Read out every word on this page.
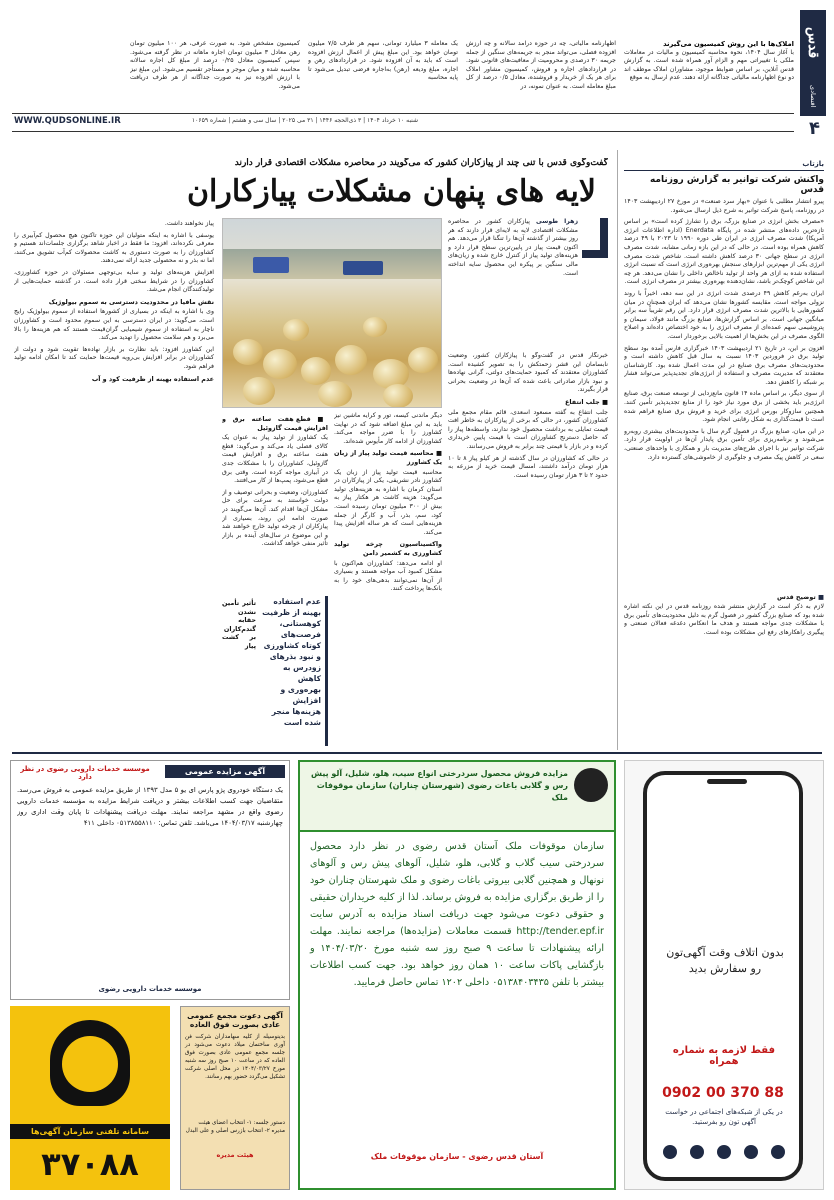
قدس
اقتصادی
۴
املاک‌ها با این روش کمیسیون می‌گیرند
با آغاز سال ۱۴۰۴، نحوه محاسبه کمیسیون و مالیات در معاملات ملکی با تغییراتی مهم و الزام آور همراه شده است. به گزارش قدس آنلاین، بر اساس ضوابط موجود، مشاوران املاک موظف اند دو نوع اظهارنامه مالیاتی جداگانه ارائه دهند. عدم ارسال به موقع
اظهارنامه مالیاتی، چه در حوزه درآمد سالانه و چه ارزش افزوده فصلی، می‌تواند منجر به جریمه‌های سنگین از جمله جریمه ۳۰ درصدی و محرومیت از معافیت‌های قانونی شود. در قراردادهای اجاره و فروش، کمیسیون مشاور املاک برای هر یک از خریدار و فروشنده، معادل ۰/۵ درصد از کل مبلغ معامله است. به عنوان نمونه، در
یک معامله ۳ میلیارد تومانی، سهم هر طرف ۷/۵ میلیون تومان خواهد بود. این مبلغ پیش از اعمال ارزش افزوده است که باید به آن افزوده شود. در قراردادهای رهن و اجاره، مبلغ ودیعه (رهن) به‌اجاره فرضی تبدیل می‌شود تا پایه محاسبه
کمیسیون مشخص شود. به صورت عرفی، هر ۱۰۰ میلیون تومان رهن معادل ۳ میلیون تومان اجاره ماهانه در نظر گرفته می‌شود. سپس کمیسیون معادل ۰/۲۵ درصد از مبلغ کل اجاره سالانه محاسبه شده و میان موجر و مستأجر تقسیم می‌شود. این مبلغ نیز با ارزش افزوده نیز به صورت جداگانه از هر طرف دریافت می‌شود.
WWW.QUDSONLINE.IR	شنبه ۱۰ خرداد ۱۴۰۴ | ۳ ذی‌الحجه ۱۴۴۶ | ۳۱ می ۲۰۲۵ | سال سی و هشتم | شماره ۱۰۶۵۹
بازتاب
واکنش شرکت توانیر به گزارش روزنامه قدس
پیرو انتشار مطلبی با عنوان «بهار سرد صنعت» در مورخ ۲۷ اردیبهشت ۱۴۰۳ در روزنامه، پاسخ شرکت توانیر به شرح ذیل ارسال می‌شود.

«مصرف‌ بخش‌ انرژی در صنایع بزرگ، برق را تشارژ کرده است» بر اساس تازه‌ترین داده‌های منتشر شده در پایگاه Enerdata (اداره اطلاعات انرژی آمریکا) شدت مصرف انرژی در ایران طی دوره ۱۹۹۰ تا ۲۰۲۳ با ۴۹ درصد کاهش همراه بوده است. در حالی که در این بازه زمانی مشابه، شدت مصرف انرژی در سطح جهانی ۳۰ درصد کاهش داشته است. شاخص شدت مصرف انرژی یکی از مهم‌ترین ابزارهای سنجش بهره‌وری انرژی است که نسبت انرژی استفاده شده به ازای هر واحد از تولید ناخالص داخلی را نشان می‌دهد. هر چه این شاخص کوچک‌تر باشد، نشان‌دهنده بهره‌وری بیشتر در مصرف انرژی است.

ایران به‌رغم کاهش ۴۹ درصدی شدت انرژی در این سه دهه، اخیراً با روند نزولی مواجه است. مقایسه کشورها نشان می‌دهد که ایران همچنان در میان کشورهایی با بالاترین شدت مصرف انرژی قرار دارد. این رقم تقریباً سه برابر میانگین جهانی است. بر اساس گزارش‌ها، صنایع بزرگ مانند فولاد، سیمان و پتروشیمی سهم عمده‌ای از مصرف انرژی را به خود اختصاص داده‌اند و اصلاح الگوی مصرف در این بخش‌ها از اهمیت بالایی برخوردار است.

افزون بر این، در تاریخ ۲۱ اردیبهشت ۱۴۰۳ خبرگزاری فارس آمده بود سطح تولید برق در فروردین ۱۴۰۳ نسبت به سال قبل کاهش داشته است و محدودیت‌های مصرف برق صنایع در این مدت اعمال شده بود. کارشناسان معتقدند که مدیریت مصرف و استفاده از انرژی‌های تجدیدپذیر می‌تواند فشار بر شبکه را کاهش دهد.

از سوی دیگر، بر اساس ماده ۱۴ قانون مانع‌زدایی از توسعه صنعت برق، صنایع انرژی‌بر باید بخشی از برق مورد نیاز خود را از منابع تجدیدپذیر تأمین کنند. همچنین سازوکار بورس انرژی برای خرید و فروش برق صنایع فراهم شده است تا قیمت‌گذاری به شکل رقابتی انجام شود.

در این میان، صنایع بزرگ در فصول گرم سال با محدودیت‌های بیشتری روبه‌رو می‌شوند و برنامه‌ریزی برای تأمین برق پایدار آن‌ها در اولویت قرار دارد. شرکت توانیر نیز با اجرای طرح‌های مدیریت بار و همکاری با واحدهای صنعتی، سعی در کاهش پیک مصرف و جلوگیری از خاموشی‌های گسترده دارد.

■ توضیح قدس
لازم به ذکر است در گزارش منتشر شده روزنامه قدس در این نکته اشاره شده بود که صنایع بزرگ کشور در فصول گرم به دلیل محدودیت‌های تأمین برق با مشکلات جدی مواجه هستند و هدف ما انعکاس دغدغه فعالان صنعتی و پیگیری راهکارهای رفع این مشکلات بوده است.
گفت‌وگوی قدس با تنی چند از پیازکاران کشور که می‌گویند در محاصره مشکلات اقتصادی قرار دارند
لایه های پنهان مشکلات پیازکاران
زهرا طوسی پیازکاران کشور در محاصره مشکلات اقتصادی لایه به لایه‌ای قرار دارند که هر روز بیشتر از گذشته آن‌ها را تنگنا قرار می‌دهد. هم اکنون قیمت پیاز در پایین‌ترین سطح قرار دارد و هزینه‌های تولید پیاز از کنترل خارج شده و زیان‌های مالی سنگین بر پیکره این محصول سایه انداخته است.

خبرنگار قدس در گفت‌وگو با پیازکاران کشور، وضعیت نابسامان این قشر زحمتکش را به تصویر کشیده است. کشاورزان معتقدند که کمبود حمایت‌های دولتی، گرانی نهاده‌ها و نبود بازار صادراتی باعث شده که آن‌ها در وضعیت بحرانی قرار بگیرند.

■ جلب انتفاع

جلب انتفاع به گفته مسعود اسعدی، قائم مقام مجمع ملی کشاورزان کشور، در حالی که برخی از پیازکاران به خاطر افت قیمت تمایلی به برداشت محصول خود ندارند، واسطه‌ها پیاز را که حاصل دسترنج کشاورزان است با قیمت پایین خریداری کرده و در بازار با قیمتی چند برابر به فروش می‌رسانند.

در حالی که کشاورزان در سال گذشته از هر کیلو پیاز ۸ تا ۱۰ هزار تومان درآمد داشتند، امسال قیمت خرید از مزرعه به حدود ۲ تا ۳ هزار تومان رسیده است.

دیگر ماندنی کیسه، تور و کرایه ماشین نیز باید به این مبلغ اضافه شود که در نهایت کشاورز را با ضرر مواجه می‌کند. کشاورزان از ادامه کار مأیوس شده‌اند.

■ محاسبه قیمت تولید پیاز از زبان یک کشاورز

محاسبه قیمت تولید پیاز از زبان یک کشاورز نادر نشریفی، یکی از پیازکاران در استان کرمان با اشاره به هزینه‌های تولید می‌گوید: هزینه کاشت هر هکتار پیاز به بیش از ۳۰۰ میلیون تومان رسیده است. کود، سم، بذر، آب و کارگر از جمله هزینه‌هایی است که هر ساله افزایش پیدا می‌کند.

واکسیناسیون چرخه تولید کشاورزی به کشمیر دامن

او ادامه می‌دهد: کشاورزان هم‌اکنون با مشکل کمبود آب مواجه هستند و بسیاری از آن‌ها نمی‌توانند بدهی‌های خود را به بانک‌ها پرداخت کنند.

عدم استفاده بهینه از ظرفیت کوهستانی، فرصت‌های کوتاه کشاورزی و نبود بذرهای زودرس به کاهش بهره‌وری و افزایش هزینه‌ها منجر شده است
■ قطع هفت ساعته برق و افزایش قیمت گازوئیل

یک کشاورز از تولید پیاز به عنوان یک کالای فصلی یاد می‌کند و می‌گوید: قطع هفت ساعته برق و افزایش قیمت گازوئیل، کشاورزان را با مشکلات جدی در آبیاری مواجه کرده است. وقتی برق قطع می‌شود، پمپ‌ها از کار می‌افتند.

کشاورزان، وضعیت و بحرانی توصیف و از دولت خواستند به سرعت برای حل مشکل آن‌ها اقدام کند. آن‌ها می‌گویند در صورت ادامه این روند، بسیاری از پیازکاران از چرخه تولید خارج خواهند شد و این موضوع در سال‌های آینده بر بازار تأثیر منفی خواهد گذاشت.

تأثیر تأمین نشدن حقابه گندم‌کاران بر کشت پیاز

پیاز نخواهند داشت.

یوسفی با اشاره به اینکه متولیان این حوزه تاکنون هیچ محصول کم‌آبیری را معرفی نکرده‌اند، افزود: ما فقط در اخبار شاهد برگزاری جلسات‌اند هستیم و کشاورزان را به صورت دستوری به کاشت محصولات کم‌آب تشویق می‌کنند، اما نه بذر و نه محصولی جدید ارائه نمی‌دهند.

افزایش هزینه‌های تولید و سایه بی‌توجهی مسئولان در حوزه کشاورزی، کشاورزان را در شرایط سختی قرار داده است. در گذشته حمایت‌هایی از تولیدکنندگان انجام می‌شد.

نقش مافیا در محدودیت دسترسی به سموم بیولوژیک

وی با اشاره به اینکه در بسیاری از کشورها استفاده از سموم بیولوژیک رایج است، می‌گوید: در ایران دسترسی به این سموم محدود است و کشاورزان ناچار به استفاده از سموم شیمیایی گران‌قیمت هستند که هم هزینه‌ها را بالا می‌برد و هم سلامت محصول را تهدید می‌کند.

این کشاورز افزود: باید نظارت بر بازار نهاده‌ها تقویت شود و دولت از کشاورزان در برابر افزایش بی‌رویه قیمت‌ها حمایت کند تا امکان ادامه تولید فراهم شود.

عدم استفاده بهینه از ظرفیت کود و آب
بدون اتلاف وقت آگهی‌تون رو سفارش بدید
فقط لازمه به شماره همراه
0902 00 370 88
در یکی از شبکه‌های اجتماعی در خواست آگهی تون رو بفرستید.
مزایده فروش محصول سردرختی انواع سیب، هلو، شلیل، آلو پیش رس و گلابی باغات رضوی (شهرستان چناران) سازمان موقوفات ملک
سازمان موقوفات ملک آستان قدس رضوی در نظر دارد محصول سردرختی سیب گلاب و گلابی، هلو، شلیل، آلوهای پیش رس و آلوهای نونهال و همچنین گلابی بیروتی باغات رضوی و ملک شهرستان چناران خود را از طریق برگزاری مزایده به فروش برساند. لذا از کلیه خریداران حقیقی و حقوقی دعوت می‌شود جهت دریافت اسناد مزایده به آدرس سایت http://tender.epf.ir قسمت معاملات (مزایده‌ها) مراجعه نمایند. مهلت ارائه پیشنهادات تا ساعت ۹ صبح روز سه شنبه مورخ ۱۴۰۴/۰۳/۲۰ و بازگشایی پاکات ساعت ۱۰ همان روز خواهد بود. جهت کسب اطلاعات بیشتر با تلفن ۰۵۱۳۸۴۰۳۴۳۵ داخلی ۱۲۰۲ تماس حاصل فرمایید.
آستان قدس رضوی - سازمان موقوفات ملک
موسسه خدمات دارویی رضوی در نظر دارد
آگهی مزایده عمومی
یک دستگاه خودروی پژو پارس ای یو ۵ مدل ۱۳۹۳ از طریق مزایده عمومی به فروش می‌رسد. متقاضیان جهت کسب اطلاعات بیشتر و دریافت شرایط مزایده به مؤسسه خدمات دارویی رضوی واقع در مشهد مراجعه نمایند. مهلت دریافت پیشنهادات تا پایان وقت اداری روز چهارشنبه ۱۴۰۴/۰۳/۱۷ می‌باشد. تلفن تماس: ۰۵۱۳۸۵۵۸۱۱۰ داخلی ۴۱۱
موسسه خدمات دارویی رضوی
آگهی دعوت مجمع عمومی عادی بصورت فوق العاده
بدینوسیله از کلیه سهامداران شرکت فن آوری ساختمان میلاد دعوت می‌شود در جلسه مجمع عمومی عادی بصورت فوق العاده که در ساعت ۱۰ صبح روز سه شنبه مورخ ۱۴۰۴/۰۳/۲۷ در محل اصلی شرکت تشکیل می‌گردد حضور بهم رسانند.
دستور جلسه: ۱- انتخاب اعضای هیئت مدیره ۲- انتخاب بازرس اصلی و علی البدل
هیئت مدیره
سامانه تلفنی سازمان آگهی‌ها
۳۷۰۸۸
